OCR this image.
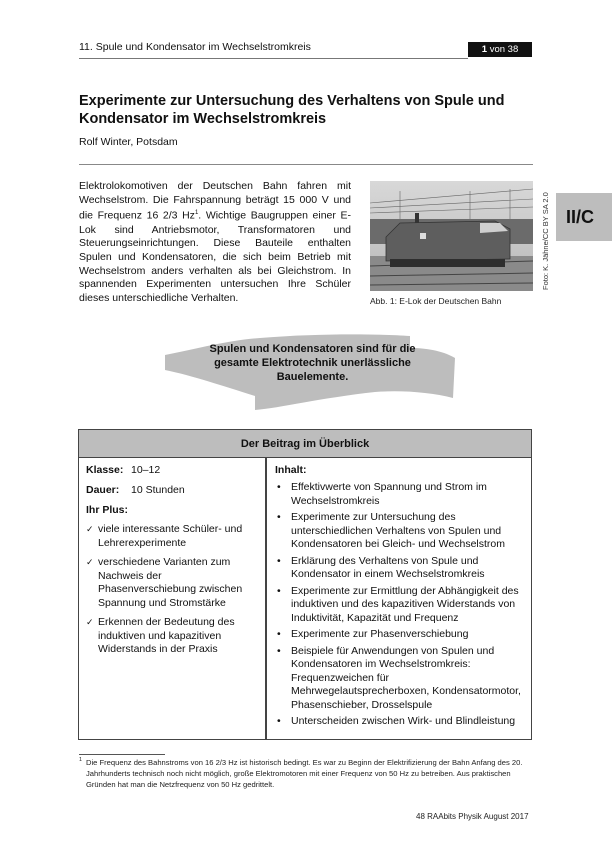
11. Spule und Kondensator im Wechselstromkreis	1 von 38
Experimente zur Untersuchung des Verhaltens von Spule und Kondensator im Wechselstromkreis
Rolf Winter, Potsdam
Elektrolokomotiven der Deutschen Bahn fahren mit Wechselstrom. Die Fahrspannung beträgt 15 000 V und die Frequenz 16 2/3 Hz$^1$. Wichtige Baugruppen einer E-Lok sind Antriebsmotor, Transformatoren und Steuerungseinrichtungen. Diese Bauteile enthalten Spulen und Kondensatoren, die sich beim Betrieb mit Wechselstrom anders verhalten als bei Gleichstrom. In spannenden Experimenten untersuchen Ihre Schüler dieses unterschiedliche Verhalten.	Abb. 1: E-Lok der Deutschen Bahn
Foto: K. Jähne/CC BY SA 2.0 II/C
Spulen und Kondensatoren sind für die gesamte Elektrotechnik unerlässliche Bauelemente.
Der Beitrag im Überblick
Klasse: 10–12
Dauer:	10 Stunden
Ihr Plus:
✓ viele interessante Schüler- und Lehrerexperimente
✓ verschiedene Varianten zum Nachweis der Phasenverschiebung zwischen Spannung und Stromstärke
✓ Erkennen der Bedeutung des induktiven und kapazitiven Widerstands in der Praxis
Inhalt:
• Effektivwerte von Spannung und Strom im Wechselstromkreis
• Experimente zur Untersuchung des unterschiedlichen Verhaltens von Spulen und Kondensatoren bei Gleich- und Wechselstrom
• Erklärung des Verhaltens von Spule und Kondensator in einem Wechselstromkreis
• Experimente zur Ermittlung der Abhängigkeit des induktiven und des kapazitiven Widerstands von Induktivität, Kapazität und Frequenz
• Experimente zur Phasenverschiebung
• Beispiele für Anwendungen von Spulen und Kondensatoren im Wechselstromkreis: Frequenzweichen für Mehrwegelautsprecherboxen, Kondensatormotor, Phasenschieber, Drosselspule
• Unterscheiden zwischen Wirk- und Blindleistung
1 Die Frequenz des Bahnstroms von 16 2/3 Hz ist historisch bedingt. Es war zu Beginn der Elektrifizierung der Bahn Anfang des 20. Jahrhunderts technisch noch nicht möglich, große Elektromotoren mit einer Frequenz von 50 Hz zu betreiben. Aus praktischen Gründen hat man die Netzfrequenz von 50 Hz gedrittelt.
48 RAAbits Physik August 2017
